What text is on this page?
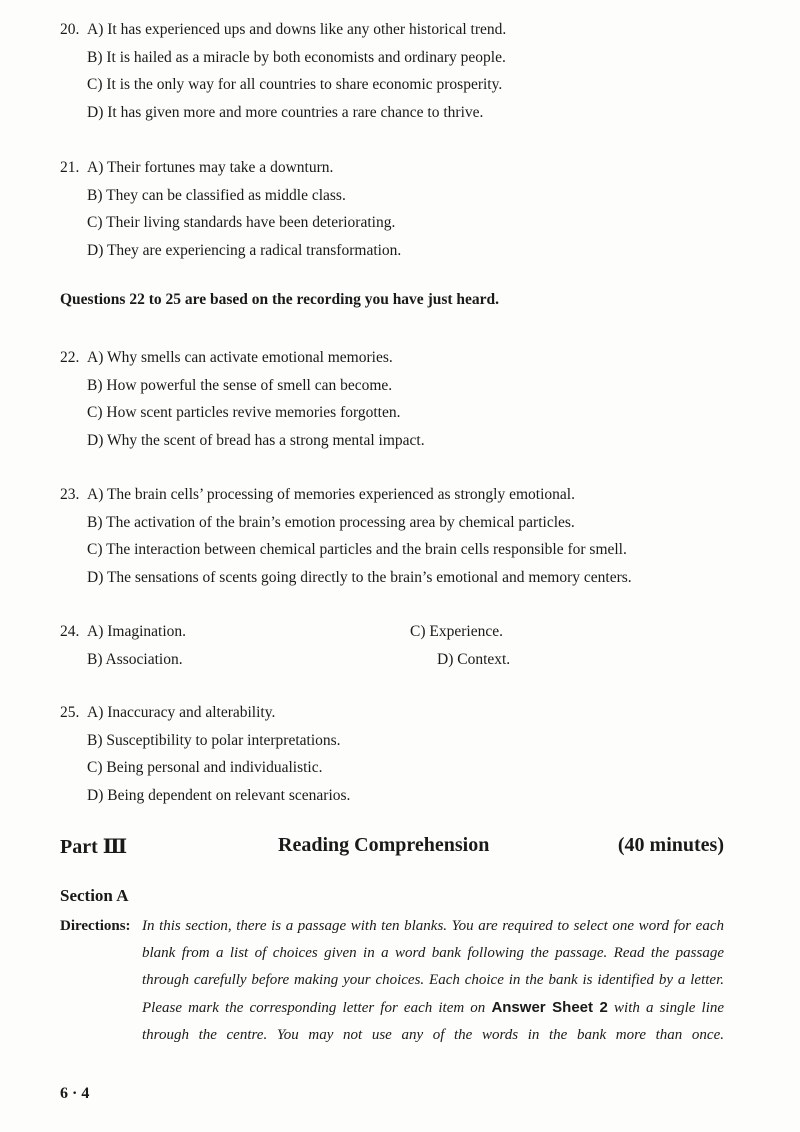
20. A) It has experienced ups and downs like any other historical trend.
B) It is hailed as a miracle by both economists and ordinary people.
C) It is the only way for all countries to share economic prosperity.
D) It has given more and more countries a rare chance to thrive.
21. A) Their fortunes may take a downturn.
B) They can be classified as middle class.
C) Their living standards have been deteriorating.
D) They are experiencing a radical transformation.
Questions 22 to 25 are based on the recording you have just heard.
22. A) Why smells can activate emotional memories.
B) How powerful the sense of smell can become.
C) How scent particles revive memories forgotten.
D) Why the scent of bread has a strong mental impact.
23. A) The brain cells’ processing of memories experienced as strongly emotional.
B) The activation of the brain’s emotion processing area by chemical particles.
C) The interaction between chemical particles and the brain cells responsible for smell.
D) The sensations of scents going directly to the brain’s emotional and memory centers.
24. A) Imagination.	C) Experience.
B) Association.	D) Context.
25. A) Inaccuracy and alterability.
B) Susceptibility to polar interpretations.
C) Being personal and individualistic.
D) Being dependent on relevant scenarios.
Part Ⅲ	Reading Comprehension	(40 minutes)
Section A
Directions: In this section, there is a passage with ten blanks. You are required to select one word for each blank from a list of choices given in a word bank following the passage. Read the passage through carefully before making your choices. Each choice in the bank is identified by a letter. Please mark the corresponding letter for each item on Answer Sheet 2 with a single line through the centre. You may not use any of the words in the bank more than once.
6 · 4
